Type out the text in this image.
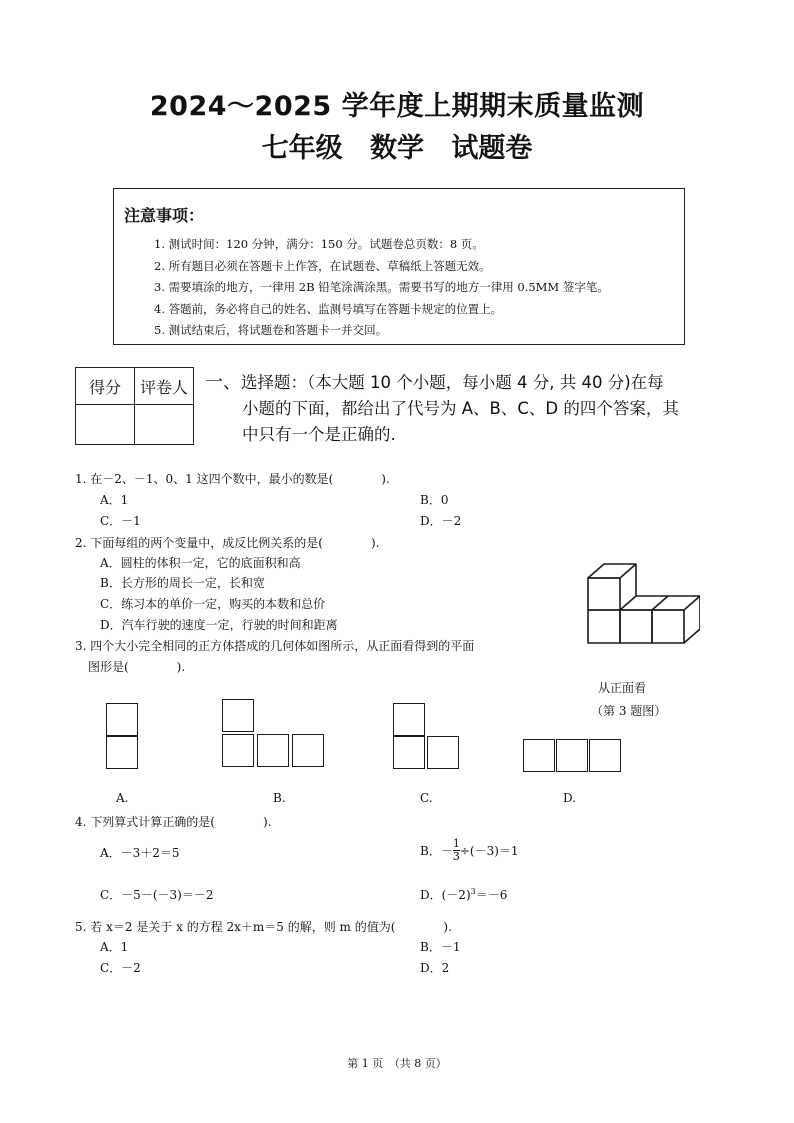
2024～2025 学年度上期期末质量监测
七年级 数学 试题卷
注意事项：
1. 测试时间：120 分钟，满分：150 分。试题卷总页数：8 页。
2. 所有题目必须在答题卡上作答，在试题卷、草稿纸上答题无效。
3. 需要填涂的地方，一律用 2B 铅笔涂满涂黑。需要书写的地方一律用 0.5MM 签字笔。
4. 答题前，务必将自己的姓名、监测号填写在答题卡规定的位置上。
5. 测试结束后，将试题卷和答题卡一并交回。
得分	评卷人
	一、选择题：（本大题 10 个小题，每小题 4 分, 共 40 分)在每
小题的下面，都给出了代号为 A、B、C、D 的四个答案，其
中只有一个是正确的.
1. 在－2、－1、0、1 这四个数中，最小的数是(　　　　).
A．1	B．0
C．－1	D．－2
2. 下面每组的两个变量中，成反比例关系的是(　　　　).
A．圆柱的体积一定，它的底面积和高
B．长方形的周长一定，长和宽
C．练习本的单价一定，购买的本数和总价
D．汽车行驶的速度一定，行驶的时间和距离
从正面看
（第 3 题图）
3. 四个大小完全相同的正方体搭成的几何体如图所示，从正面看得到的平面
图形是(　　　　).
A.	B.	C.	D.
4. 下列算式计算正确的是(　　　　).
A．－3＋2＝5	B．－ $\frac{1}{3} \div(-3)=1$
C．－5－(－3)＝－2	D．$(-2)^3=-6$
5. 若 x＝2 是关于 x 的方程 2x＋m＝5 的解，则 m 的值为(　　　　).
A．1	B．－1
C．－2	D．2
第 1 页　（共 8 页）
